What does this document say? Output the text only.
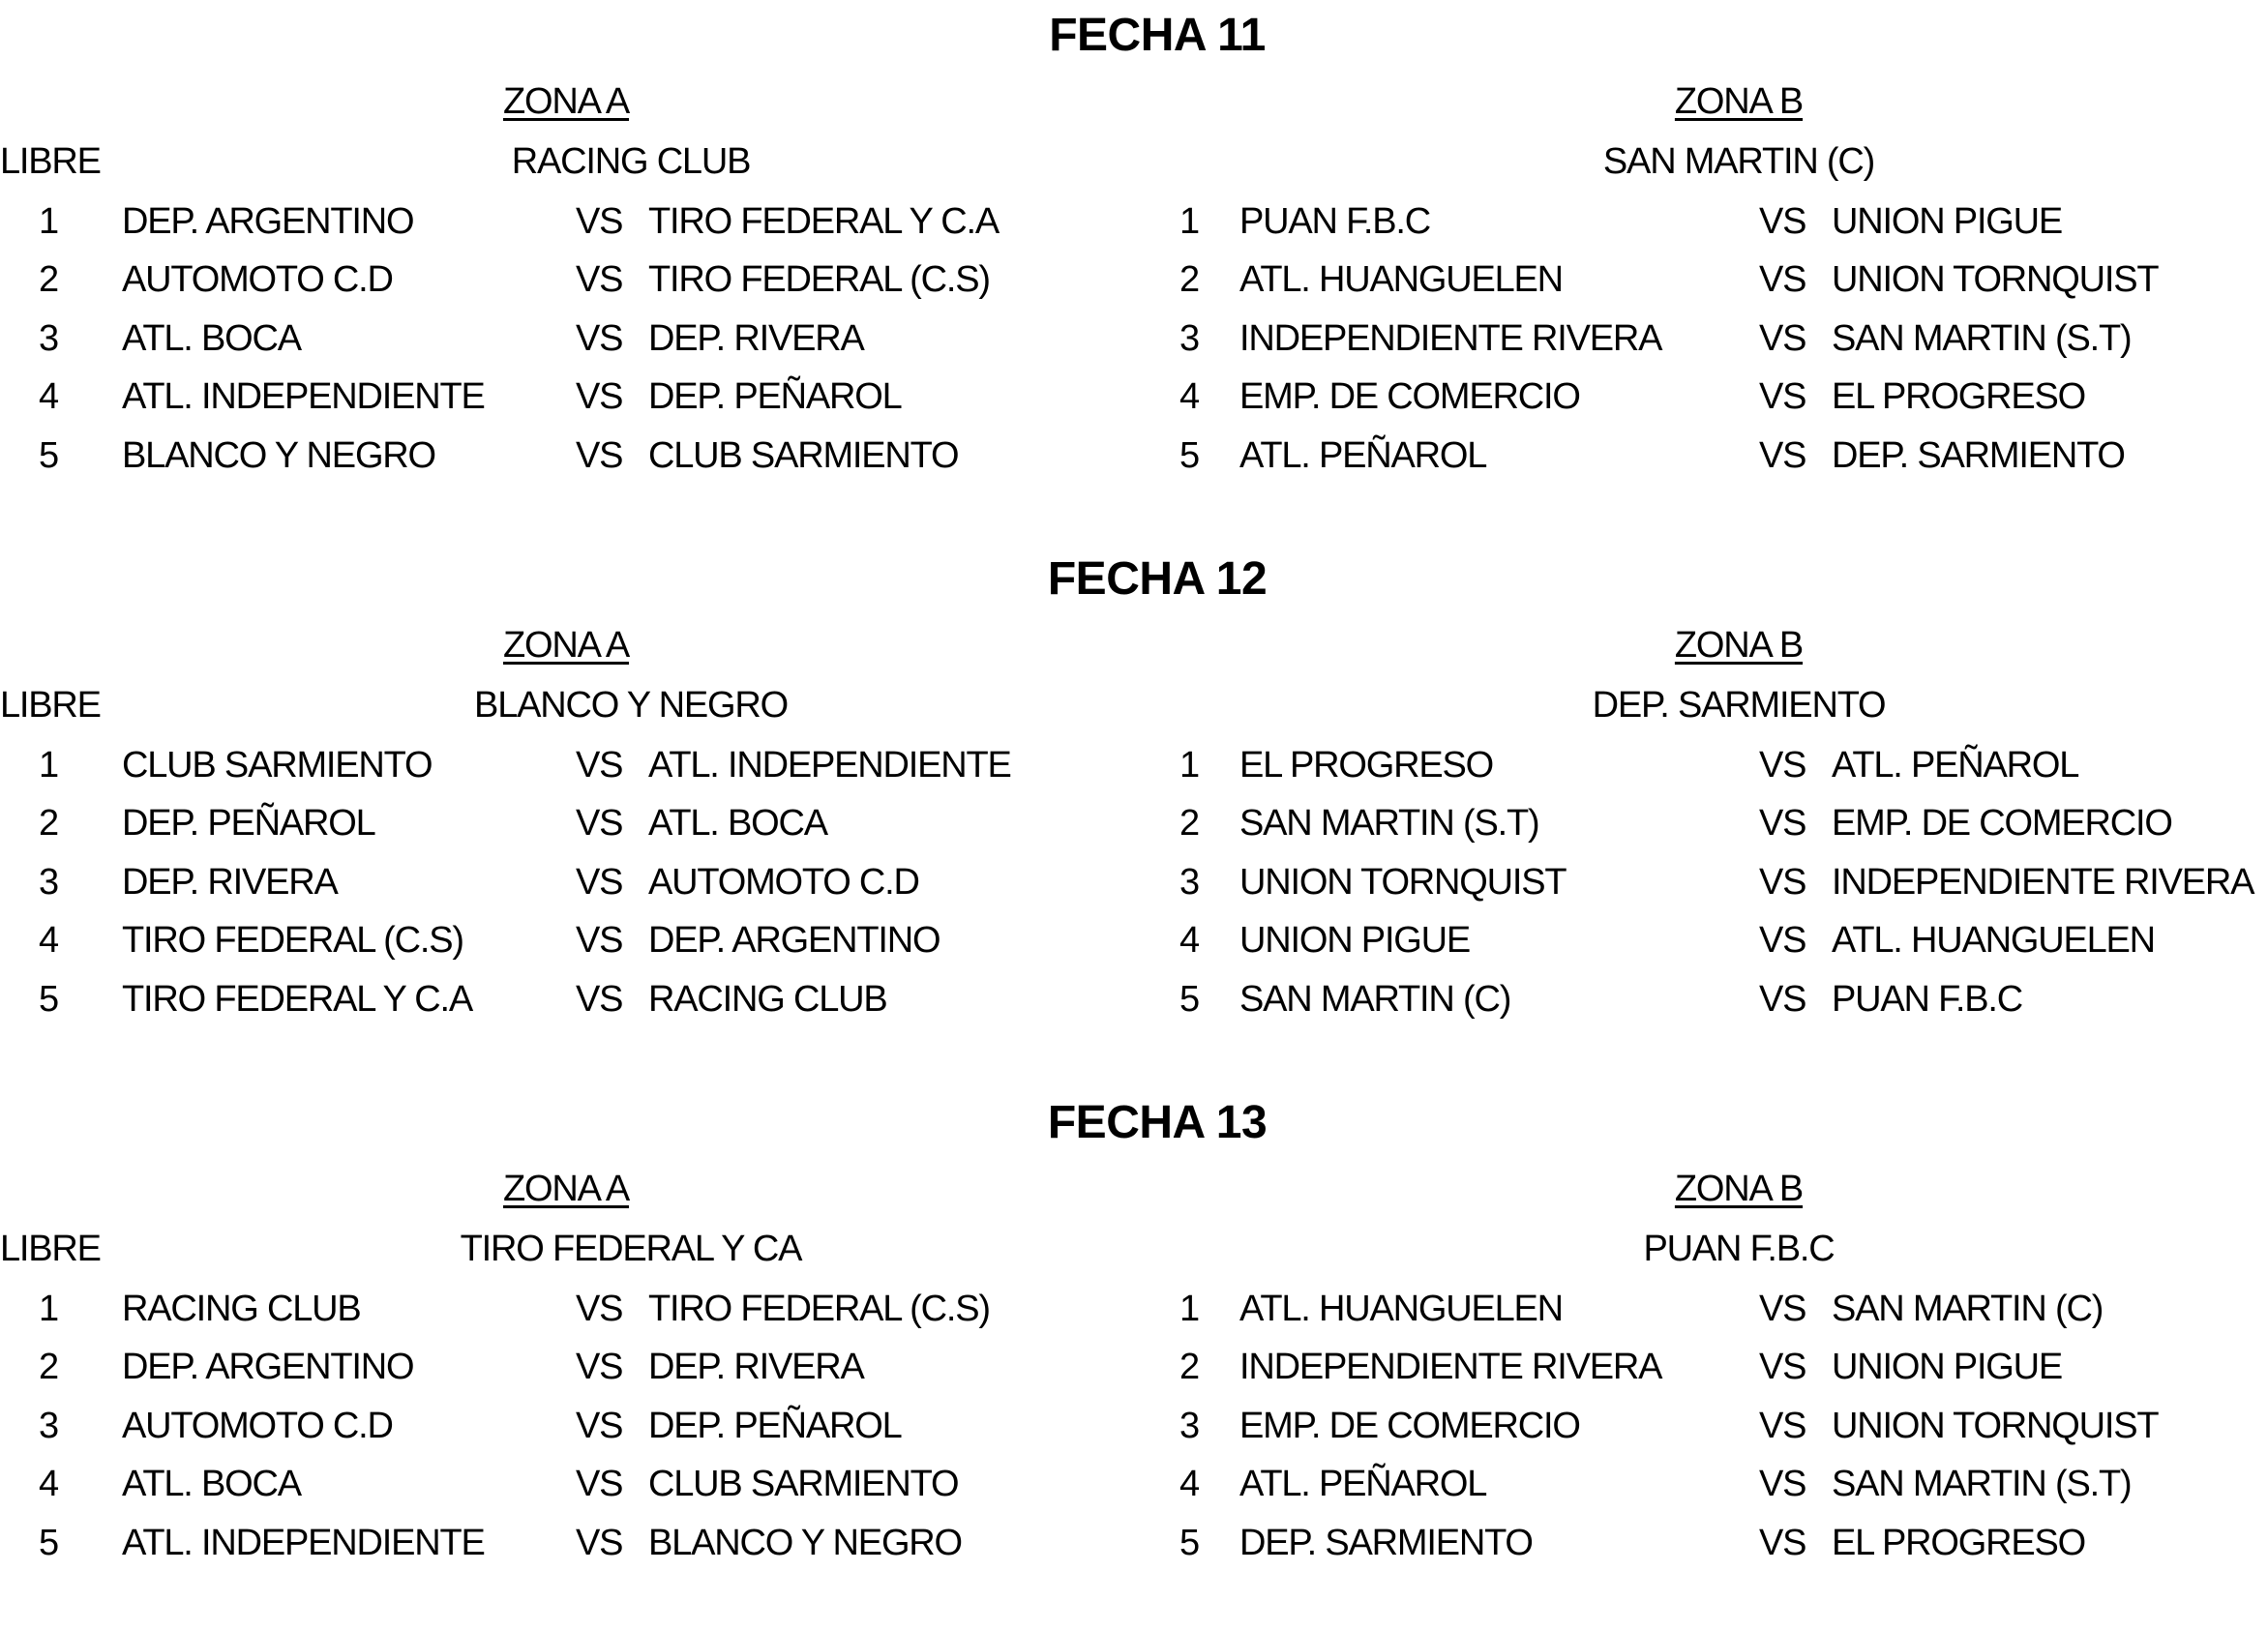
FECHA 11
LIBRE
ZONA A
RACING CLUB
1 DEP. ARGENTINO	VS TIRO FEDERAL Y C.A
2 AUTOMOTO C.D	VS TIRO FEDERAL (C.S)
3 ATL. BOCA	VS DEP. RIVERA
4 ATL. INDEPENDIENTE VS DEP. PEÑAROL
5 BLANCO Y NEGRO	VS CLUB SARMIENTO
ZONA B
SAN MARTIN (C)
1 PUAN F.B.C	VS UNION PIGUE
2 ATL. HUANGUELEN	VS UNION TORNQUIST
3 INDEPENDIENTE RIVERA	VS SAN MARTIN (S.T)
4 EMP. DE COMERCIO	VS EL PROGRESO
5 ATL. PEÑAROL	VS DEP. SARMIENTO
FECHA 12
LIBRE
ZONA A
BLANCO Y NEGRO
1 CLUB SARMIENTO	VS ATL. INDEPENDIENTE
2 DEP. PEÑAROL	VS ATL. BOCA
3 DEP. RIVERA	VS AUTOMOTO C.D
4 TIRO FEDERAL (C.S)	VS DEP. ARGENTINO
5 TIRO FEDERAL Y C.A	VS RACING CLUB
ZONA B
DEP. SARMIENTO
1 EL PROGRESO	VS ATL. PEÑAROL
2 SAN MARTIN (S.T)	VS EMP. DE COMERCIO
3 UNION TORNQUIST	VS INDEPENDIENTE RIVERA
4 UNION PIGUE	VS ATL. HUANGUELEN
5 SAN MARTIN (C)	VS PUAN F.B.C
FECHA 13
LIBRE
ZONA A
TIRO FEDERAL Y CA
1 RACING CLUB	VS TIRO FEDERAL (C.S)
2 DEP. ARGENTINO	VS DEP. RIVERA
3 AUTOMOTO C.D	VS DEP. PEÑAROL
4 ATL. BOCA	VS CLUB SARMIENTO
5 ATL. INDEPENDIENTE VS BLANCO Y NEGRO
ZONA B
PUAN F.B.C
1 ATL. HUANGUELEN	VS SAN MARTIN (C)
2 INDEPENDIENTE RIVERA	VS UNION PIGUE
3 EMP. DE COMERCIO	VS UNION TORNQUIST
4 ATL. PEÑAROL	VS SAN MARTIN (S.T)
5 DEP. SARMIENTO	VS EL PROGRESO
